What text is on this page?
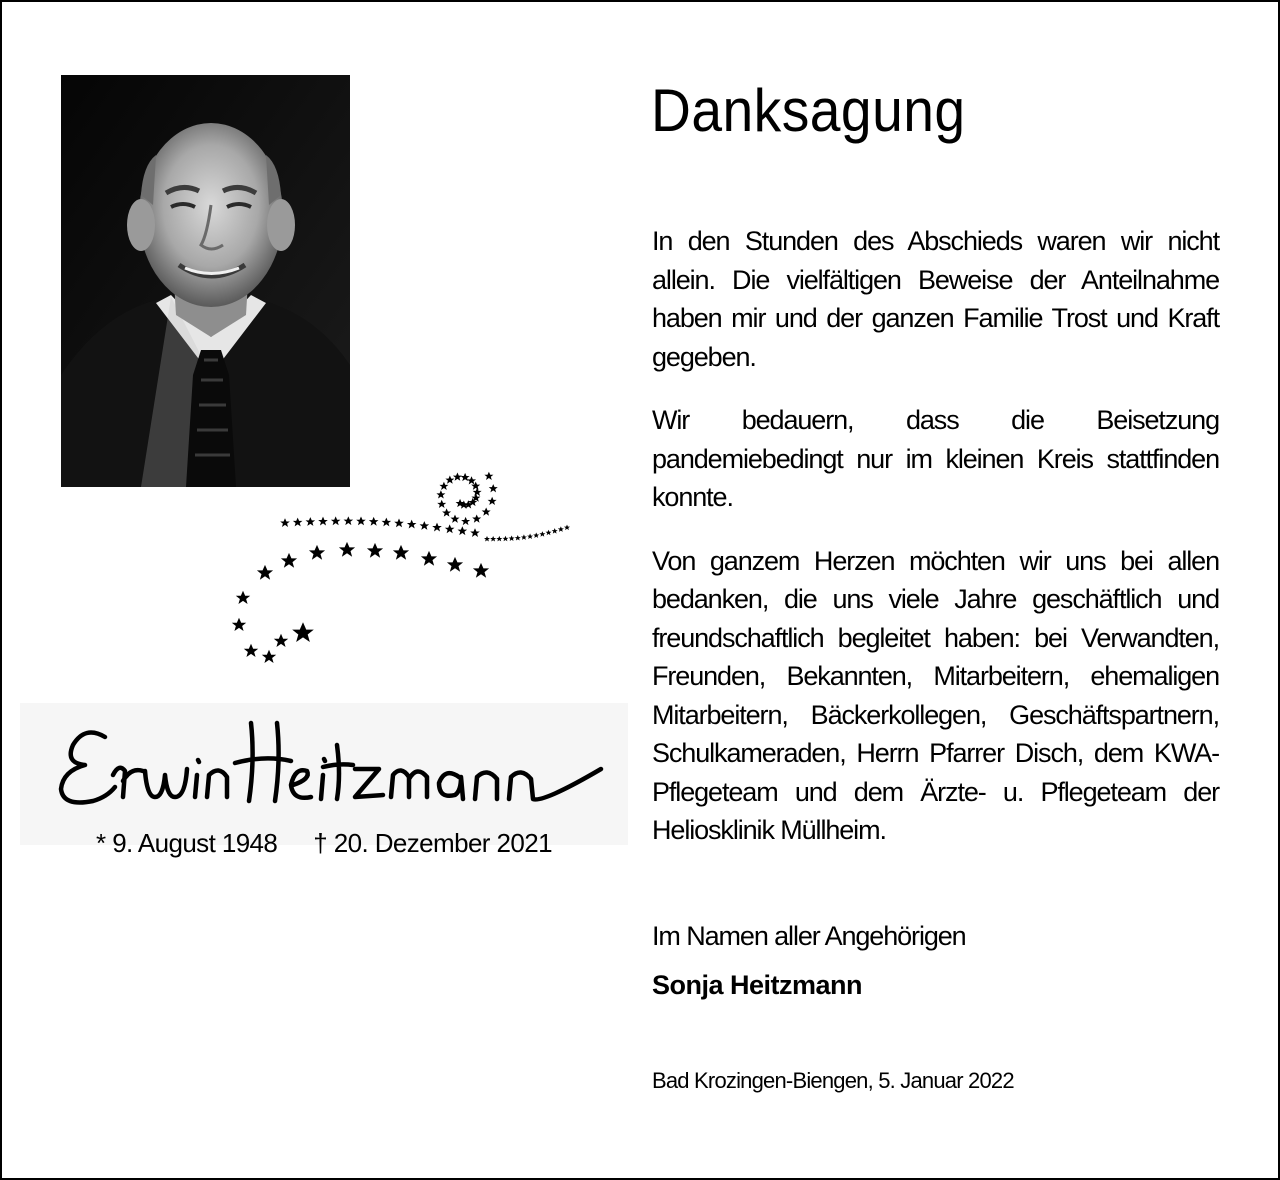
* 9. August 1948 † 20. Dezember 2021
Danksagung

In den Stunden des Abschieds waren wir nicht allein. Die vielfältigen Beweise der Anteilnahme haben mir und der ganzen Familie Trost und Kraft gegeben.

Wir bedauern, dass die Beisetzung pandemiebedingt nur im kleinen Kreis stattfinden konnte.

Von ganzem Herzen möchten wir uns bei allen bedanken, die uns viele Jahre geschäftlich und freundschaftlich begleitet haben: bei Verwandten, Freunden, Bekannten, Mitarbeitern, ehemaligen Mitarbeitern, Bäckerkollegen, Geschäftspartnern, Schulkameraden, Herrn Pfarrer Disch, dem KWA-Pflegeteam und dem Ärzte- u. Pflegeteam der Heliosklinik Müllheim.

Im Namen aller Angehörigen
Sonja Heitzmann
Bad Krozingen-Biengen, 5. Januar 2022
